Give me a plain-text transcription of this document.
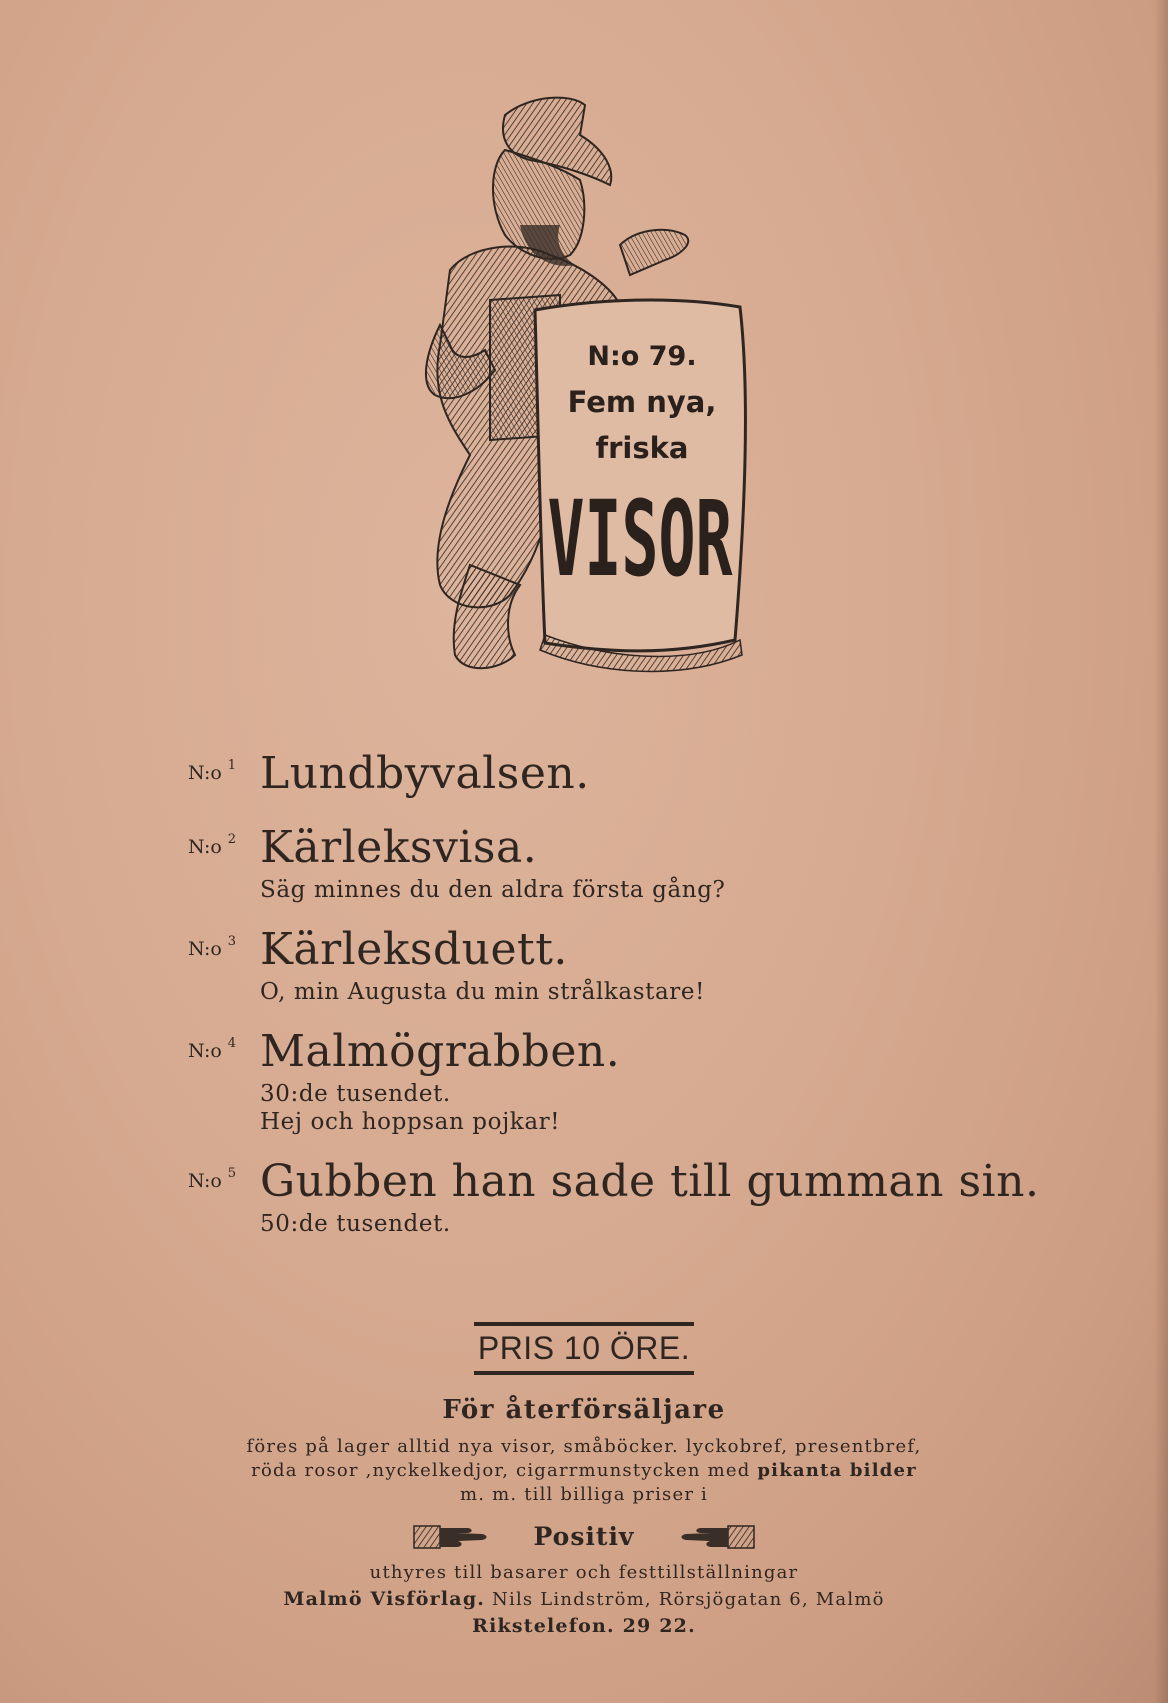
N:o 79.
Fem nya,
friska
VISOR
N:o $^1$ Lundbyvalsen.
N:o $^2$ Kärleksvisa.
Säg minnes du den aldra första gång?
N:o $^3$ Kärleksduett.
O, min Augusta du min strålkastare!
N:o $^4$ Malmögrabben.
30:de tusendet.
Hej och hoppsan pojkar!
N:o $^5$ Gubben han sade till gumman sin.
50:de tusendet.
PRIS 10 ÖRE.
För återförsäljare
föres på lager alltid nya visor, småböcker. lyckobref, presentbref,
röda rosor ,nyckelkedjor, cigarrmunstycken med pikanta bilder
m. m. till billiga priser i
Positiv
uthyres till basarer och festtillställningar
Malmö Visförlag. Nils Lindström, Rörsjögatan 6, Malmö
Rikstelefon. 29 22.
